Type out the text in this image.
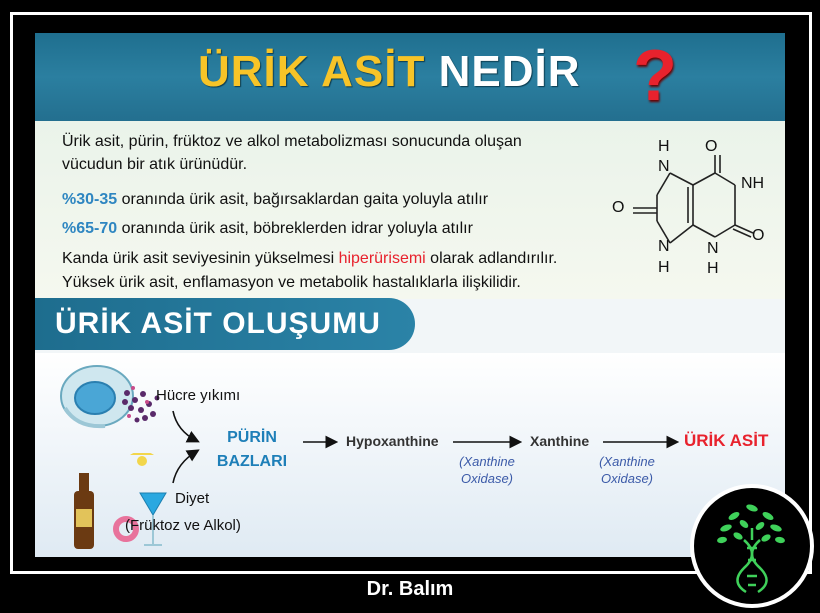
ÜRİK ASİT NEDİR ?
Ürik asit, pürin, früktoz ve alkol metabolizması sonucunda oluşan
vücudun bir atık ürünüdür.
%30-35 oranında ürik asit, bağırsaklardan gaita yoluyla atılır
%65-70 oranında ürik asit, böbreklerden idrar yoluyla atılır
Kanda ürik asit seviyesinin yükselmesi hiperürisemi olarak adlandırılır.
Yüksek ürik asit, enflamasyon ve metabolik hastalıklarla ilişkilidir.
H
N
O
NH
O
O
N
H
N
H
ÜRİK ASİT OLUŞUMU
Hücre yıkımı
Diyet
(Früktoz ve Alkol)
PÜRİN
BAZLARI
Hypoxanthine	Xanthine
(Xanthine
Oxidase)
(Xanthine
Oxidase)
ÜRİK ASİT
Dr. Balım
